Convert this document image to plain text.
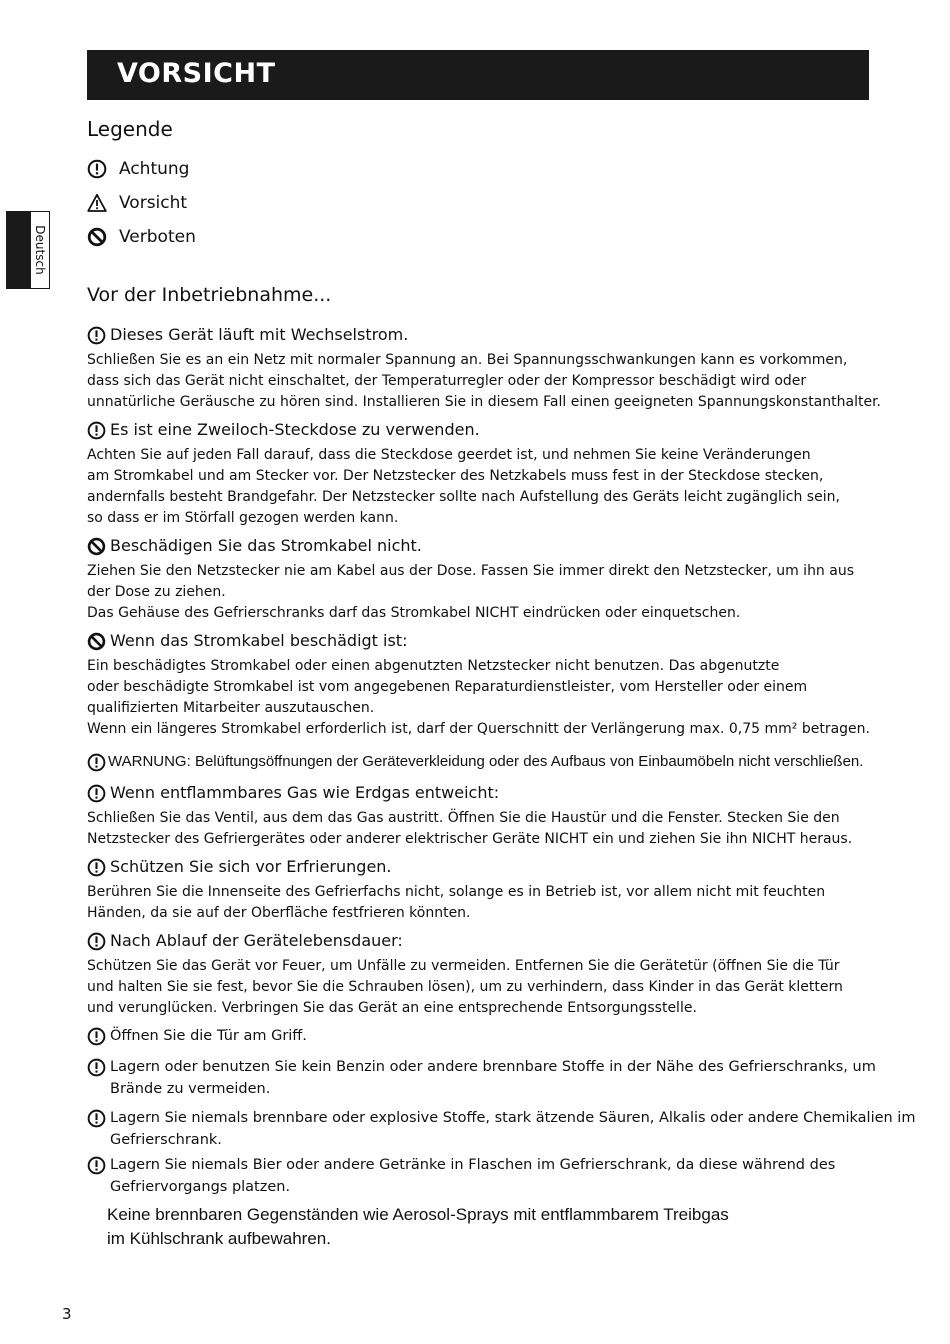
VORSICHT
Deutsch
Legende
Achtung
Vorsicht
Verboten
Vor der Inbetriebnahme...
Dieses Gerät läuft mit Wechselstrom.
Schließen Sie es an ein Netz mit normaler Spannung an. Bei Spannungsschwankungen kann es vorkommen,
dass sich das Gerät nicht einschaltet, der Temperaturregler oder der Kompressor beschädigt wird oder
unnatürliche Geräusche zu hören sind. Installieren Sie in diesem Fall einen geeigneten Spannungskonstanthalter.
Es ist eine Zweiloch-Steckdose zu verwenden.
Achten Sie auf jeden Fall darauf, dass die Steckdose geerdet ist, und nehmen Sie keine Veränderungen
am Stromkabel und am Stecker vor. Der Netzstecker des Netzkabels muss fest in der Steckdose stecken,
andernfalls besteht Brandgefahr. Der Netzstecker sollte nach Aufstellung des Geräts leicht zugänglich sein,
so dass er im Störfall gezogen werden kann.
Beschädigen Sie das Stromkabel nicht.
Ziehen Sie den Netzstecker nie am Kabel aus der Dose. Fassen Sie immer direkt den Netzstecker, um ihn aus
der Dose zu ziehen.
Das Gehäuse des Gefrierschranks darf das Stromkabel NICHT eindrücken oder einquetschen.
Wenn das Stromkabel beschädigt ist:
Ein beschädigtes Stromkabel oder einen abgenutzten Netzstecker nicht benutzen. Das abgenutzte
oder beschädigte Stromkabel ist vom angegebenen Reparaturdienstleister, vom Hersteller oder einem
qualifizierten Mitarbeiter auszutauschen.
Wenn ein längeres Stromkabel erforderlich ist, darf der Querschnitt der Verlängerung max. 0,75 mm² betragen.
WARNUNG: Belüftungsöffnungen der Geräteverkleidung oder des Aufbaus von Einbaumöbeln nicht verschließen.
Wenn entflammbares Gas wie Erdgas entweicht:
Schließen Sie das Ventil, aus dem das Gas austritt. Öffnen Sie die Haustür und die Fenster. Stecken Sie den
Netzstecker des Gefriergerätes oder anderer elektrischer Geräte NICHT ein und ziehen Sie ihn NICHT heraus.
Schützen Sie sich vor Erfrierungen.
Berühren Sie die Innenseite des Gefrierfachs nicht, solange es in Betrieb ist, vor allem nicht mit feuchten
Händen, da sie auf der Oberfläche festfrieren könnten.
Nach Ablauf der Gerätelebensdauer:
Schützen Sie das Gerät vor Feuer, um Unfälle zu vermeiden. Entfernen Sie die Gerätetür (öffnen Sie die Tür
und halten Sie sie fest, bevor Sie die Schrauben lösen), um zu verhindern, dass Kinder in das Gerät klettern
und verunglücken. Verbringen Sie das Gerät an eine entsprechende Entsorgungsstelle.
Öffnen Sie die Tür am Griff.
Lagern oder benutzen Sie kein Benzin oder andere brennbare Stoffe in der Nähe des Gefrierschranks, um Brände zu vermeiden.
Lagern Sie niemals brennbare oder explosive Stoffe, stark ätzende Säuren, Alkalis oder andere Chemikalien im Gefrierschrank.
Lagern Sie niemals Bier oder andere Getränke in Flaschen im Gefrierschrank, da diese während des Gefriervorgangs platzen.
Keine brennbaren Gegenständen wie Aerosol-Sprays mit entflammbarem Treibgas
im Kühlschrank aufbewahren.
3
